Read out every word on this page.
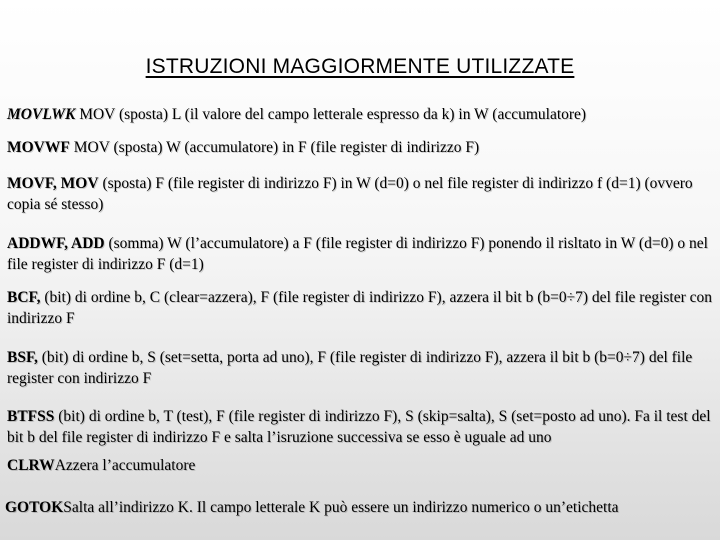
ISTRUZIONI MAGGIORMENTE UTILIZZATE
MOVLWK MOV (sposta) L (il valore del campo letterale espresso da k) in W (accumulatore)
MOVWF MOV (sposta) W (accumulatore) in F (file register di indirizzo F)
MOVF, MOV (sposta) F (file register di indirizzo F) in W (d=0) o nel file register di indirizzo f (d=1) (ovvero copia sé stesso)
ADDWF, ADD (somma) W (l’accumulatore) a F (file register di indirizzo F) ponendo il risltato in W (d=0) o nel file register di indirizzo F (d=1)
BCF, (bit) di ordine b, C (clear=azzera), F (file register di indirizzo F), azzera il bit b (b=0÷7) del file register con indirizzo F
BSF, (bit) di ordine b, S (set=setta, porta ad uno), F (file register di indirizzo F), azzera il bit b (b=0÷7) del file register con indirizzo F
BTFSS (bit) di ordine b, T (test), F (file register di indirizzo F), S (skip=salta), S (set=posto ad uno). Fa il test del bit b del file register di indirizzo F e salta l’isruzione successiva se esso è uguale ad uno
CLRWAzzera l’accumulatore
GOTOKSalta all’indirizzo K. Il campo letterale K può essere un indirizzo numerico o un’etichetta
